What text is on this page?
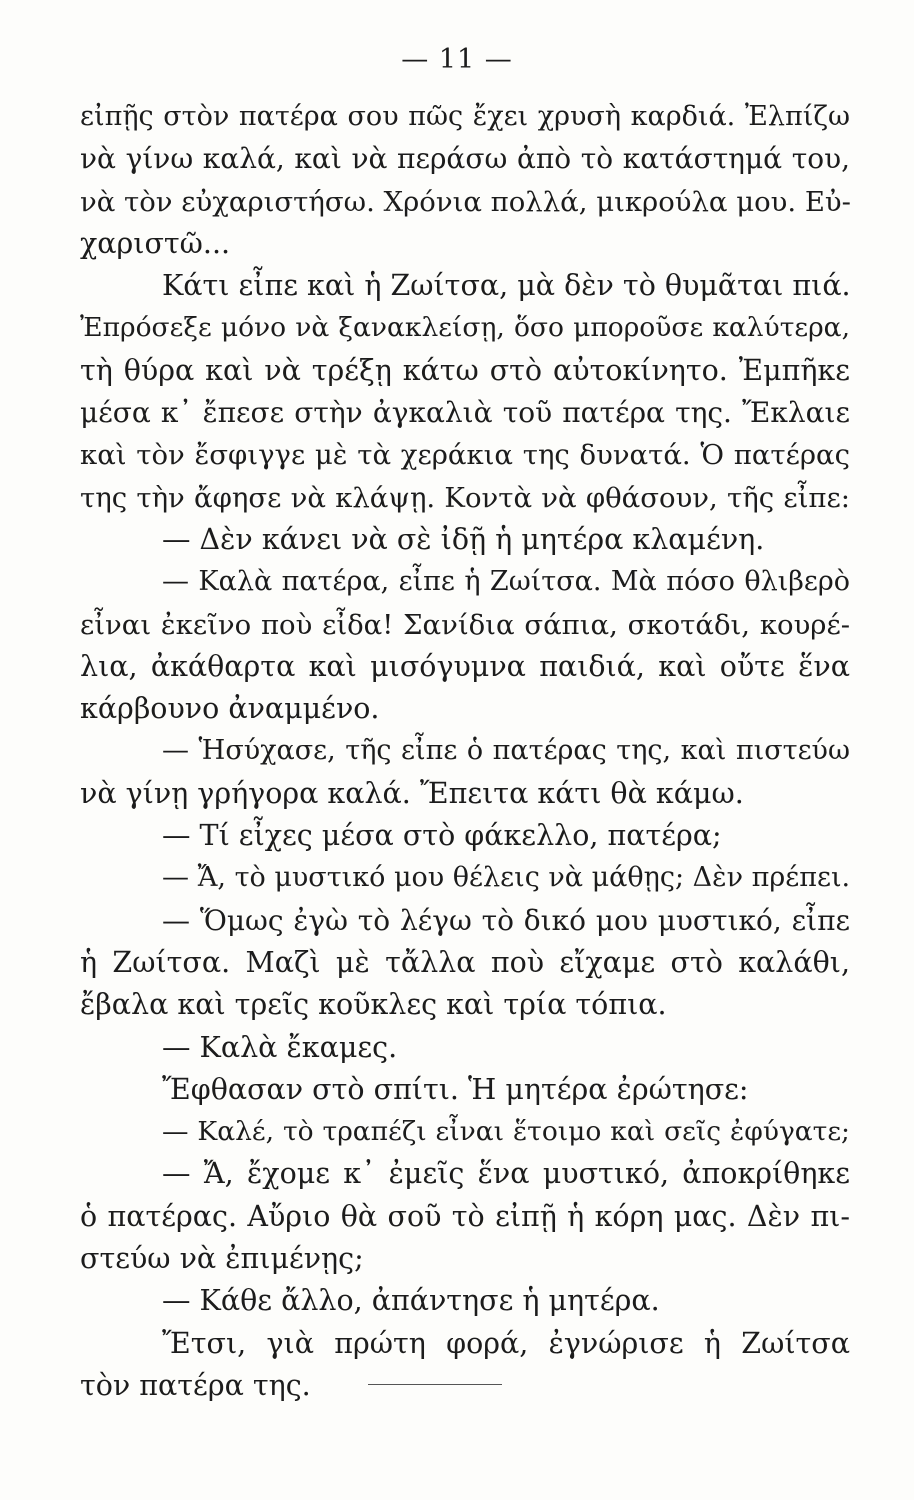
— 11 —
εἰπῇς στὸν πατέρα σου πῶς ἔχει χρυσὴ καρδιά. Ἐλπίζω
νὰ γίνω καλά, καὶ νὰ περάσω ἀπὸ τὸ κατάστημά του,
νὰ τὸν εὐχαριστήσω. Χρόνια πολλά, μικρούλα μου. Εὐ-
χαριστῶ...
Κάτι εἶπε καὶ ἡ Ζωίτσα, μὰ δὲν τὸ θυμᾶται πιά.
Ἐπρόσεξε μόνο νὰ ξανακλείσῃ, ὅσο μποροῦσε καλύτερα,
τὴ θύρα καὶ νὰ τρέξῃ κάτω στὸ αὐτοκίνητο. Ἐμπῆκε
μέσα κ᾽ ἔπεσε στὴν ἀγκαλιὰ τοῦ πατέρα της. Ἔκλαιε
καὶ τὸν ἔσφιγγε μὲ τὰ χεράκια της δυνατά. Ὁ πατέρας
της τὴν ἄφησε νὰ κλάψῃ. Κοντὰ νὰ φθάσουν, τῆς εἶπε:
— Δὲν κάνει νὰ σὲ ἰδῇ ἡ μητέρα κλαμένη.
— Καλὰ πατέρα, εἶπε ἡ Ζωίτσα. Μὰ πόσο θλιβερὸ
εἶναι ἐκεῖνο ποὺ εἶδα! Σανίδια σάπια, σκοτάδι, κουρέ-
λια, ἀκάθαρτα καὶ μισόγυμνα παιδιά, καὶ οὔτε ἕνα
κάρβουνο ἀναμμένο.
— Ἡσύχασε, τῆς εἶπε ὁ πατέρας της, καὶ πιστεύω
νὰ γίνῃ γρήγορα καλά. Ἔπειτα κάτι θὰ κάμω.
— Τί εἶχες μέσα στὸ φάκελλο, πατέρα;
— Ἄ, τὸ μυστικό μου θέλεις νὰ μάθῃς; Δὲν πρέπει.
— Ὅμως ἐγὼ τὸ λέγω τὸ δικό μου μυστικό, εἶπε
ἡ Ζωίτσα. Μαζὶ μὲ τἄλλα ποὺ εἴχαμε στὸ καλάθι,
ἔβαλα καὶ τρεῖς κοῦκλες καὶ τρία τόπια.
— Καλὰ ἔκαμες.
Ἔφθασαν στὸ σπίτι. Ἡ μητέρα ἐρώτησε:
— Καλέ, τὸ τραπέζι εἶναι ἕτοιμο καὶ σεῖς ἐφύγατε;
— Ἄ, ἔχομε κ᾽ ἐμεῖς ἕνα μυστικό, ἀποκρίθηκε
ὁ πατέρας. Αὔριο θὰ σοῦ τὸ εἰπῇ ἡ κόρη μας. Δὲν πι-
στεύω νὰ ἐπιμένῃς;
— Κάθε ἄλλο, ἀπάντησε ἡ μητέρα.
Ἔτσι, γιὰ πρώτη φορά, ἐγνώρισε ἡ Ζωίτσα
τὸν πατέρα της.
